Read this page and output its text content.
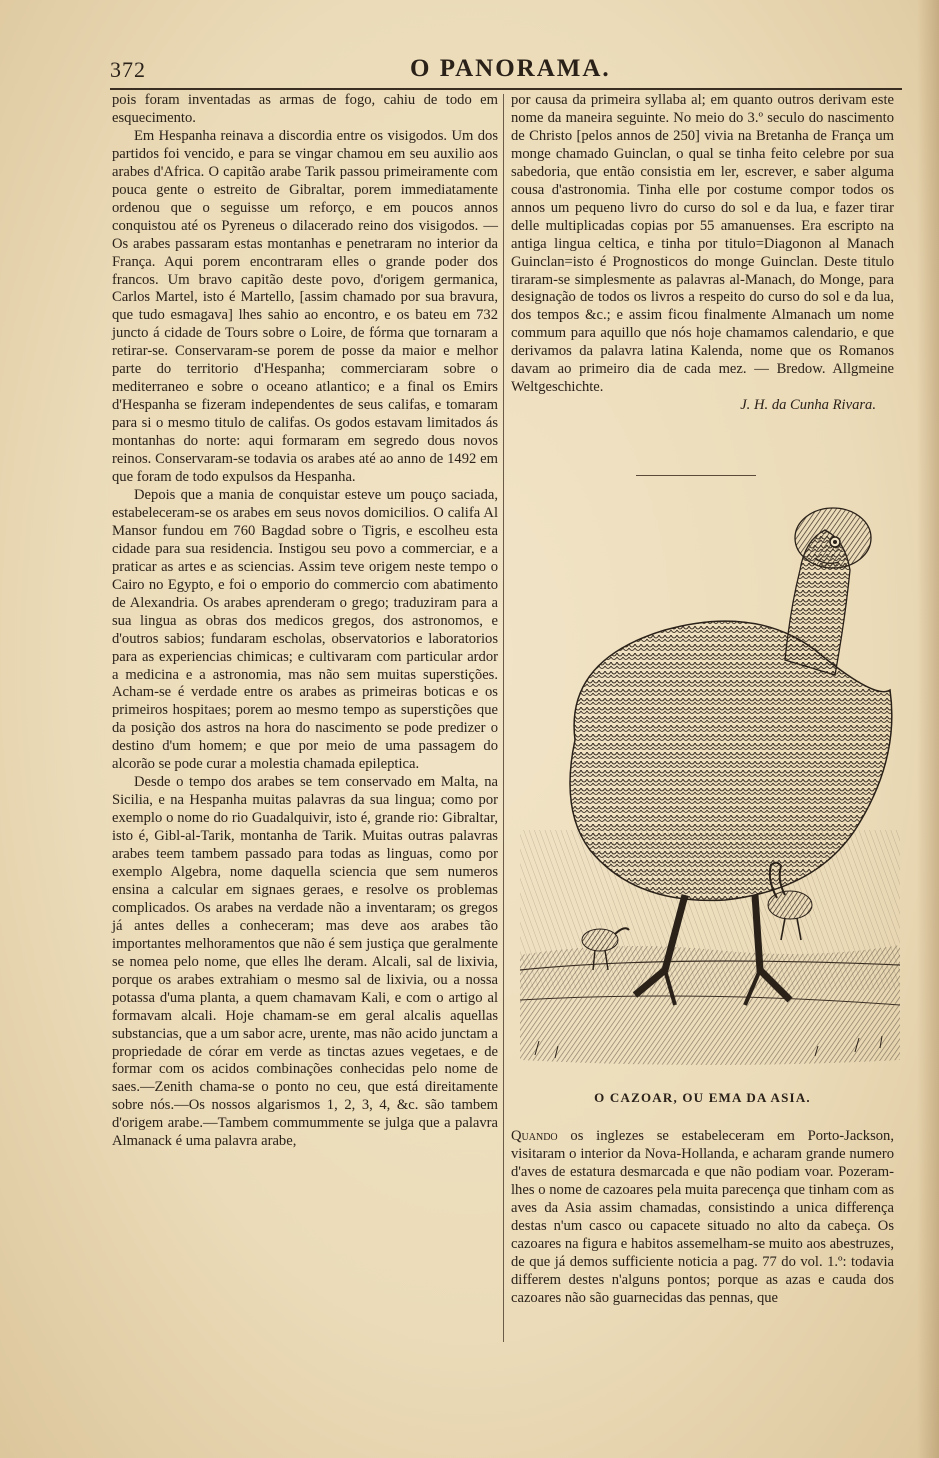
372	O PANORAMA.

pois foram inventadas as armas de fogo, cahiu de todo em esquecimento.

Em Hespanha reinava a discordia entre os visigodos. Um dos partidos foi vencido, e para se vingar chamou em seu auxilio aos arabes d'Africa. O capitão arabe Tarik passou primeiramente com pouca gente o estreito de Gibraltar, porem immediatamente ordenou que o seguisse um reforço, e em poucos annos conquistou até os Pyreneus o dilacerado reino dos visigodos. — Os arabes passaram estas montanhas e penetraram no interior da França. Aqui porem encontraram elles o grande poder dos francos. Um bravo capitão deste povo, d'origem germanica, Carlos Martel, isto é Martello, [assim chamado por sua bravura, que tudo esmagava] lhes sahio ao encontro, e os bateu em 732 juncto á cidade de Tours sobre o Loire, de fórma que tornaram a retirar-se. Conservaram-se porem de posse da maior e melhor parte do territorio d'Hespanha; commerciaram sobre o mediterraneo e sobre o oceano atlantico; e a final os Emirs d'Hespanha se fizeram independentes de seus califas, e tomaram para si o mesmo titulo de califas. Os godos estavam limitados ás montanhas do norte: aqui formaram em segredo dous novos reinos. Conservaram-se todavia os arabes até ao anno de 1492 em que foram de todo expulsos da Hespanha.

Depois que a mania de conquistar esteve um pouço saciada, estabeleceram-se os arabes em seus novos domicilios. O califa Al Mansor fundou em 760 Bagdad sobre o Tigris, e escolheu esta cidade para sua residencia. Instigou seu povo a commerciar, e a praticar as artes e as sciencias. Assim teve origem neste tempo o Cairo no Egypto, e foi o emporio do commercio com abatimento de Alexandria. Os arabes aprenderam o grego; traduziram para a sua lingua as obras dos medicos gregos, dos astronomos, e d'outros sabios; fundaram escholas, observatorios e laboratorios para as experiencias chimicas; e cultivaram com particular ardor a medicina e a astronomia, mas não sem muitas superstições. Acham-se é verdade entre os arabes as primeiras boticas e os primeiros hospitaes; porem ao mesmo tempo as superstições que da posição dos astros na hora do nascimento se pode predizer o destino d'um homem; e que por meio de uma passagem do alcorão se pode curar a molestia chamada epileptica.

Desde o tempo dos arabes se tem conservado em Malta, na Sicilia, e na Hespanha muitas palavras da sua lingua; como por exemplo o nome do rio Guadalquivir, isto é, grande rio: Gibraltar, isto é, Gibl-al-Tarik, montanha de Tarik. Muitas outras palavras arabes teem tambem passado para todas as linguas, como por exemplo Algebra, nome daquella sciencia que sem numeros ensina a calcular em signaes geraes, e resolve os problemas complicados. Os arabes na verdade não a inventaram; os gregos já antes delles a conheceram; mas deve aos arabes tão importantes melhoramentos que não é sem justiça que geralmente se nomea pelo nome, que elles lhe deram. Alcali, sal de lixivia, porque os arabes extrahiam o mesmo sal de lixivia, ou a nossa potassa d'uma planta, a quem chamavam Kali, e com o artigo al formavam alcali. Hoje chamam-se em geral alcalis aquellas substancias, que a um sabor acre, urente, mas não acido junctam a propriedade de córar em verde as tinctas azues vegetaes, e de formar com os acidos combinações conhecidas pelo nome de saes.—Zenith chama-se o ponto no ceu, que está direitamente sobre nós.—Os nossos algarismos 1, 2, 3, 4, &c. são tambem d'origem arabe.—Tambem commummente se julga que a palavra Almanack é uma palavra arabe,

por causa da primeira syllaba al; em quanto outros derivam este nome da maneira seguinte. No meio do 3.º seculo do nascimento de Christo [pelos annos de 250] vivia na Bretanha de França um monge chamado Guinclan, o qual se tinha feito celebre por sua sabedoria, que então consistia em ler, escrever, e saber alguma cousa d'astronomia. Tinha elle por costume compor todos os annos um pequeno livro do curso do sol e da lua, e fazer tirar delle multiplicadas copias por 55 amanuenses. Era escripto na antiga lingua celtica, e tinha por titulo=Diagonon al Manach Guinclan=isto é Prognosticos do monge Guinclan. Deste titulo tiraram-se simplesmente as palavras al-Manach, do Monge, para designação de todos os livros a respeito do curso do sol e da lua, dos tempos &c.; e assim ficou finalmente Almanach um nome commum para aquillo que nós hoje chamamos calendario, e que derivamos da palavra latina Kalenda, nome que os Romanos davam ao primeiro dia de cada mez. — Bredow. Allgmeine Weltgeschichte.

J. H. da Cunha Rivara.

O CAZOAR, OU EMA DA ASIA.

Quando os inglezes se estabeleceram em Porto-Jackson, visitaram o interior da Nova-Hollanda, e acharam grande numero d'aves de estatura desmarcada e que não podiam voar. Pozeram-lhes o nome de cazoares pela muita parecença que tinham com as aves da Asia assim chamadas, consistindo a unica differença destas n'um casco ou capacete situado no alto da cabeça. Os cazoares na figura e habitos assemelham-se muito aos abestruzes, de que já demos sufficiente noticia a pag. 77 do vol. 1.º: todavia differem destes n'alguns pontos; porque as azas e cauda dos cazoares não são guarnecidas das pennas, que
